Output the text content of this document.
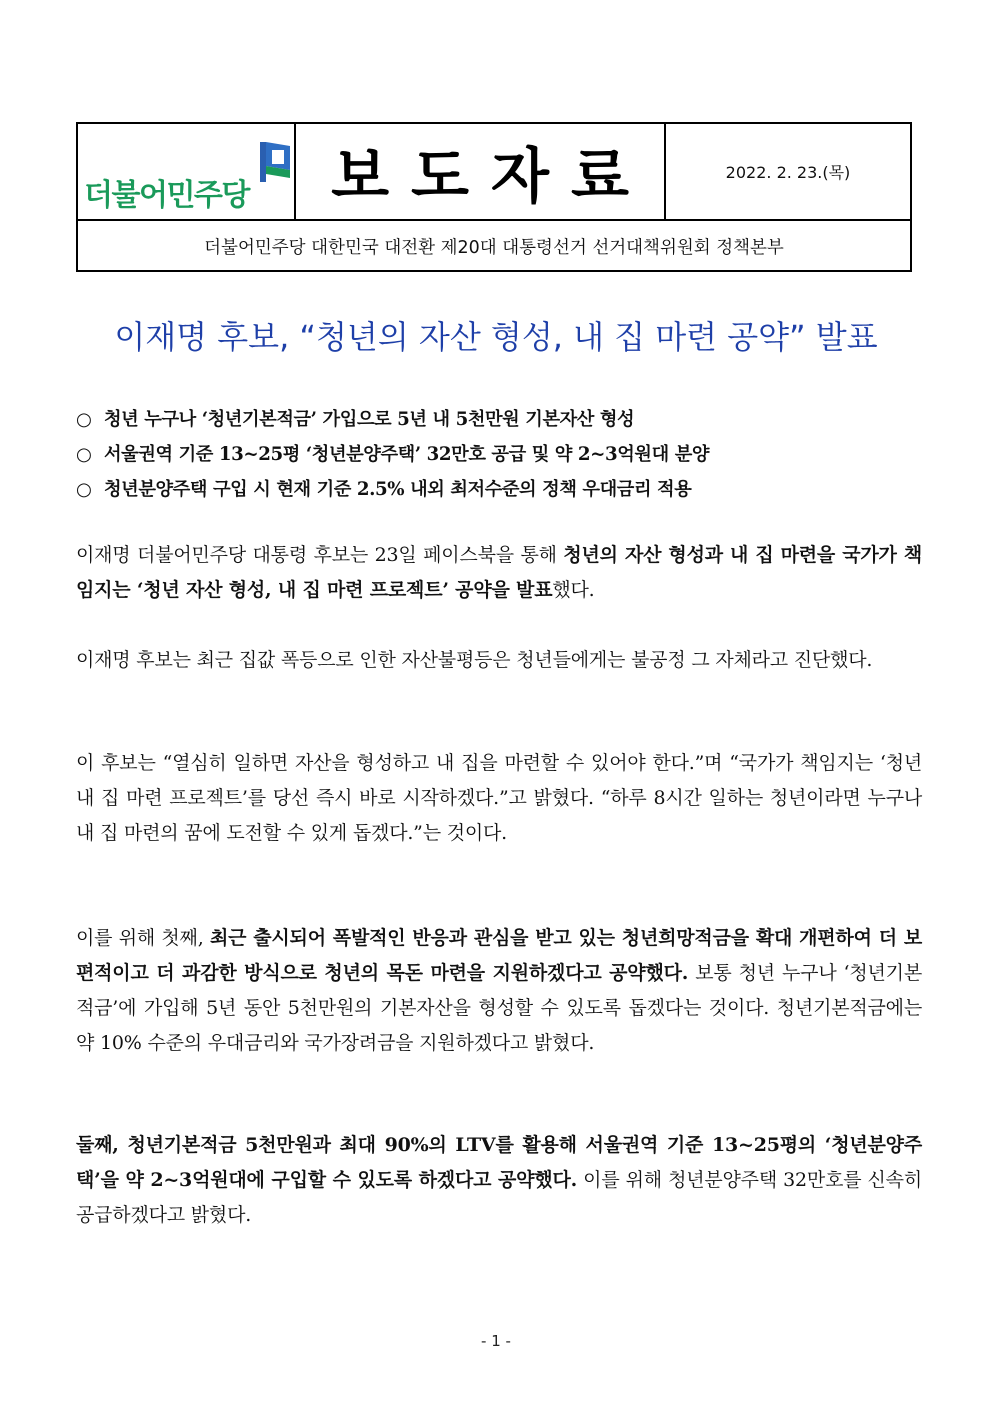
더불어민주당 보도자료	2022. 2. 23.(목)
더불어민주당 대한민국 대전환 제20대 대통령선거 선거대책위원회 정책본부
이재명 후보, “청년의 자산 형성, 내 집 마련 공약” 발표
○ 청년 누구나 ‘청년기본적금’ 가입으로 5년 내 5천만원 기본자산 형성
○ 서울권역 기준 13~25평 ‘청년분양주택’ 32만호 공급 및 약 2~3억원대 분양
○ 청년분양주택 구입 시 현재 기준 2.5% 내외 최저수준의 정책 우대금리 적용

이재명 더불어민주당 대통령 후보는 23일 페이스북을 통해 청년의 자산 형성과 내 집 마련을 국가가 책임지는 ‘청년 자산 형성, 내 집 마련 프로젝트’ 공약을 발표했다.

이재명 후보는 최근 집값 폭등으로 인한 자산불평등은 청년들에게는 불공정 그 자체라고 진단했다.

이 후보는 “열심히 일하면 자산을 형성하고 내 집을 마련할 수 있어야 한다.”며 “국가가 책임지는 ‘청년 내 집 마련 프로젝트’를 당선 즉시 바로 시작하겠다.”고 밝혔다. “하루 8시간 일하는 청년이라면 누구나 내 집 마련의 꿈에 도전할 수 있게 돕겠다.”는 것이다.

이를 위해 첫째, 최근 출시되어 폭발적인 반응과 관심을 받고 있는 청년희망적금을 확대 개편하여 더 보편적이고 더 과감한 방식으로 청년의 목돈 마련을 지원하겠다고 공약했다. 보통 청년 누구나 ‘청년기본적금’에 가입해 5년 동안 5천만원의 기본자산을 형성할 수 있도록 돕겠다는 것이다. 청년기본적금에는 약 10% 수준의 우대금리와 국가장려금을 지원하겠다고 밝혔다.

둘째, 청년기본적금 5천만원과 최대 90%의 LTV를 활용해 서울권역 기준 13~25평의 ‘청년분양주택’을 약 2~3억원대에 구입할 수 있도록 하겠다고 공약했다. 이를 위해 청년분양주택 32만호를 신속히 공급하겠다고 밝혔다.

- 1 -
